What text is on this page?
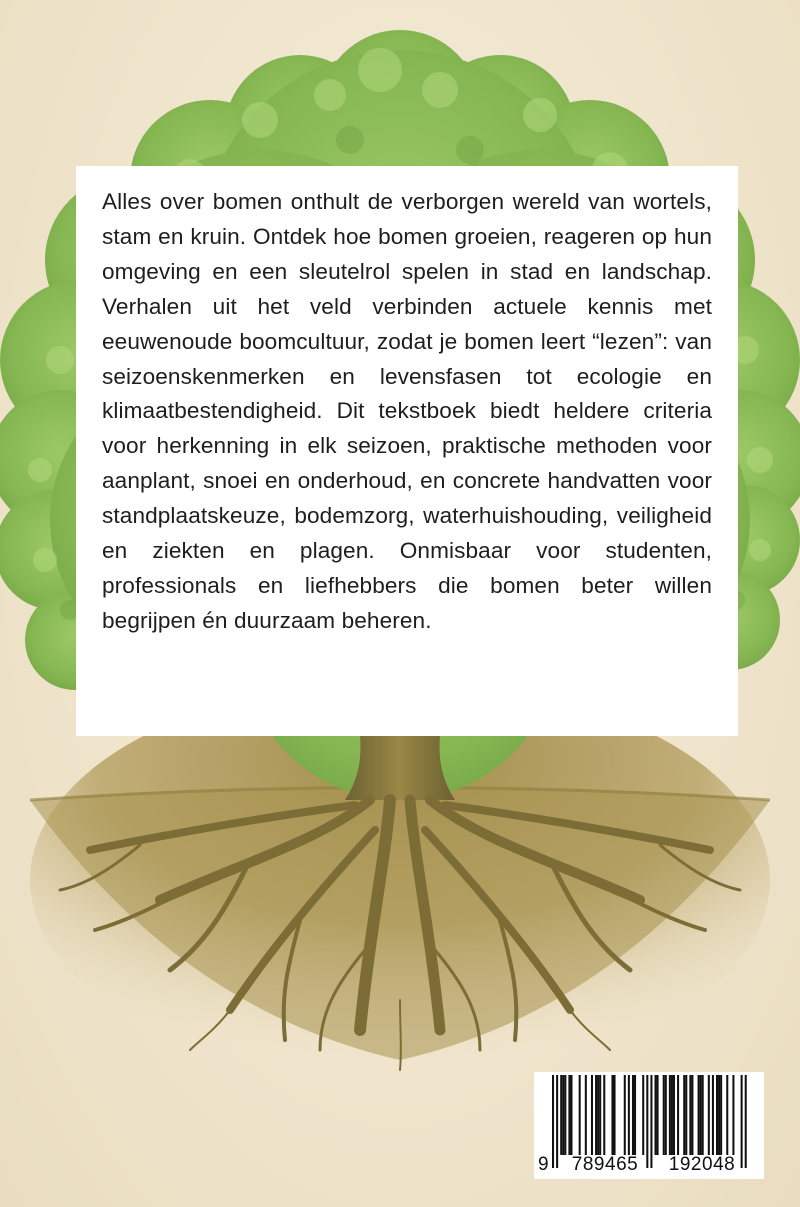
Alles over bomen onthult de verborgen wereld van wortels, stam en kruin. Ontdek hoe bomen groeien, reageren op hun omgeving en een sleutelrol spelen in stad en landschap. Verhalen uit het veld verbinden actuele kennis met eeuwenoude boomcultuur, zodat je bomen leert “lezen”: van seizoenskenmerken en levensfasen tot ecologie en klimaatbestendigheid. Dit tekstboek biedt heldere criteria voor herkenning in elk seizoen, praktische methoden voor aanplant, snoei en onderhoud, en concrete handvatten voor standplaatskeuze, bodemzorg, waterhuishouding, veiligheid en ziekten en plagen. Onmisbaar voor studenten, professionals en liefhebbers die bomen beter willen begrijpen én duurzaam beheren.

9	789465	192048
